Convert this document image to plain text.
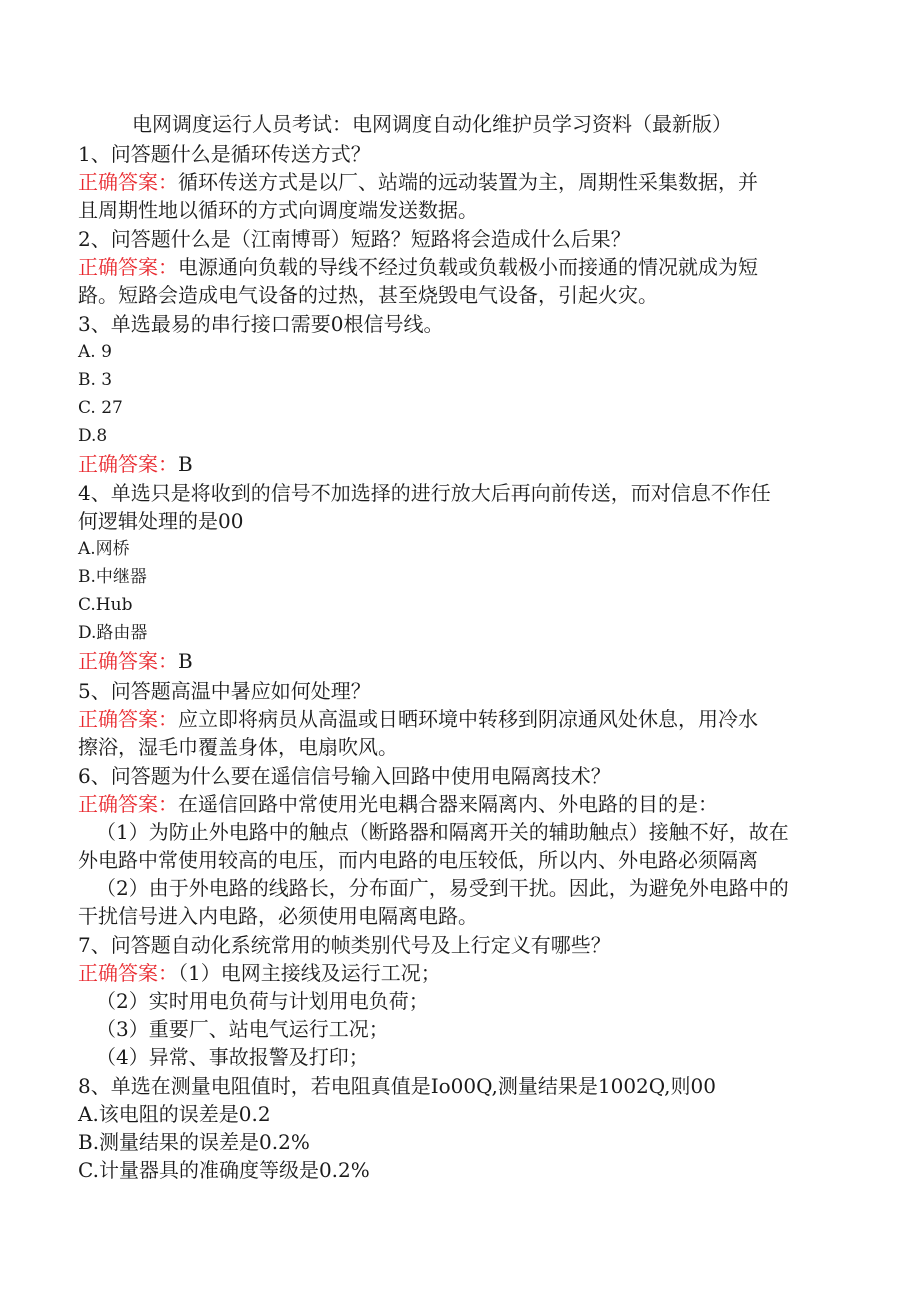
电网调度运行人员考试：电网调度自动化维护员学习资料（最新版）
1、问答题什么是循环传送方式？
正确答案：循环传送方式是以厂、站端的远动装置为主，周期性采集数据，并
且周期性地以循环的方式向调度端发送数据。
2、问答题什么是（江南博哥）短路？短路将会造成什么后果？
正确答案：电源通向负载的导线不经过负载或负载极小而接通的情况就成为短
路。短路会造成电气设备的过热，甚至烧毁电气设备，引起火灾。
3、单选最易的串行接口需要0根信号线。
A. 9
B. 3
C. 27
D.8
正确答案：B
4、单选只是将收到的信号不加选择的进行放大后再向前传送，而对信息不作任
何逻辑处理的是00
A.网桥
B.中继器
C.Hub
D.路由器
正确答案：B
5、问答题高温中暑应如何处理？
正确答案：应立即将病员从高温或日晒环境中转移到阴凉通风处休息，用冷水
擦浴，湿毛巾覆盖身体，电扇吹风。
6、问答题为什么要在遥信信号输入回路中使用电隔离技术？
正确答案：在遥信回路中常使用光电耦合器来隔离内、外电路的目的是：
（1）为防止外电路中的触点（断路器和隔离开关的辅助触点）接触不好，故在
外电路中常使用较高的电压，而内电路的电压较低，所以内、外电路必须隔离
（2）由于外电路的线路长，分布面广，易受到干扰。因此，为避免外电路中的
干扰信号进入内电路，必须使用电隔离电路。
7、问答题自动化系统常用的帧类别代号及上行定义有哪些？
正确答案：（1）电网主接线及运行工况；
（2）实时用电负荷与计划用电负荷；
（3）重要厂、站电气运行工况；
（4）异常、事故报警及打印；
8、单选在测量电阻值时，若电阻真值是Io00Q,测量结果是1002Q,则00
A.该电阻的误差是0.2
B.测量结果的误差是0.2%
C.计量器具的准确度等级是0.2%
